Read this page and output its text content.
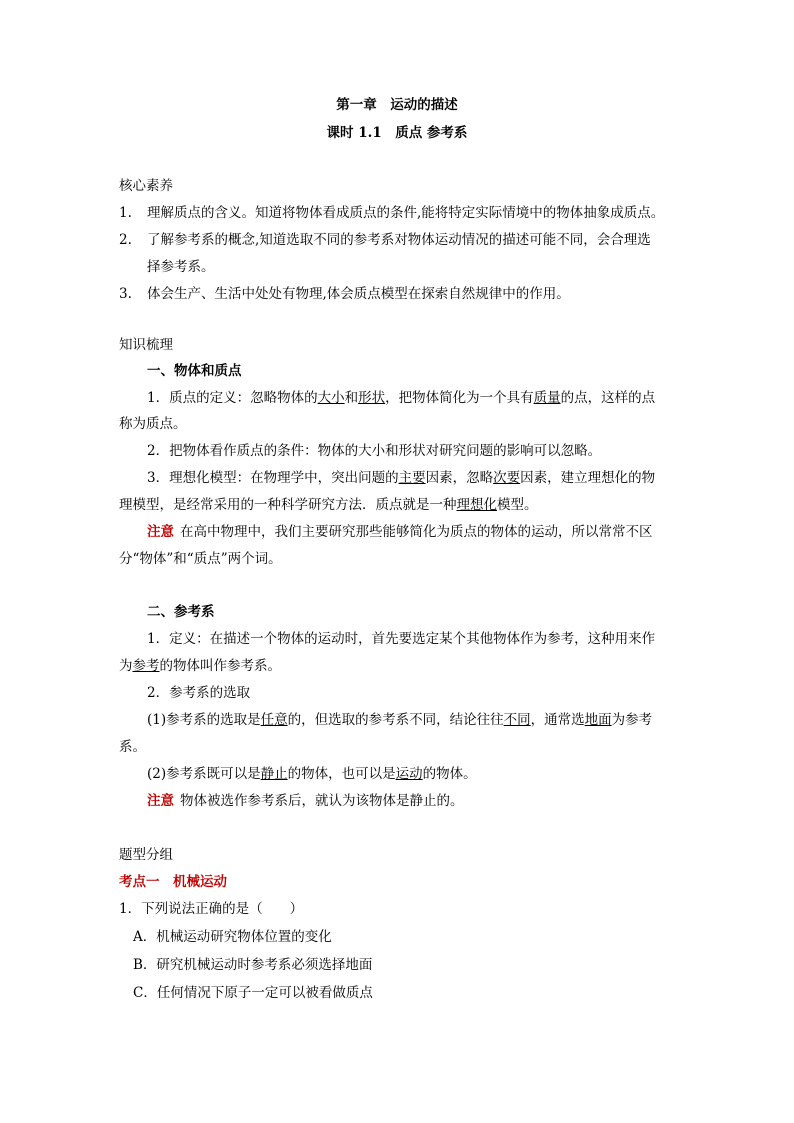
第一章　运动的描述
课时 1.1　质点 参考系
核心素养
1. 理解质点的含义。知道将物体看成质点的条件,能将特定实际情境中的物体抽象成质点。
2. 了解参考系的概念,知道选取不同的参考系对物体运动情况的描述可能不同，会合理选
择参考系。
3. 体会生产、生活中处处有物理,体会质点模型在探索自然规律中的作用。
知识梳理
一、物体和质点
1．质点的定义：忽略物体的大小和形状，把物体简化为一个具有质量的点，这样的点
称为质点。
2．把物体看作质点的条件：物体的大小和形状对研究问题的影响可以忽略。
3．理想化模型：在物理学中，突出问题的主要因素，忽略次要因素，建立理想化的物
理模型，是经常采用的一种科学研究方法．质点就是一种理想化模型。
注意 在高中物理中，我们主要研究那些能够简化为质点的物体的运动，所以常常不区
分“物体”和“质点”两个词。
二、参考系
1．定义：在描述一个物体的运动时，首先要选定某个其他物体作为参考，这种用来作
为参考的物体叫作参考系。
2．参考系的选取
(1)参考系的选取是任意的，但选取的参考系不同，结论往往不同，通常选地面为参考
系。
(2)参考系既可以是静止的物体，也可以是运动的物体。
注意 物体被选作参考系后，就认为该物体是静止的。
题型分组
考点一　机械运动
1．下列说法正确的是（　　）
A．机械运动研究物体位置的变化
B．研究机械运动时参考系必须选择地面
C．任何情况下原子一定可以被看做质点
